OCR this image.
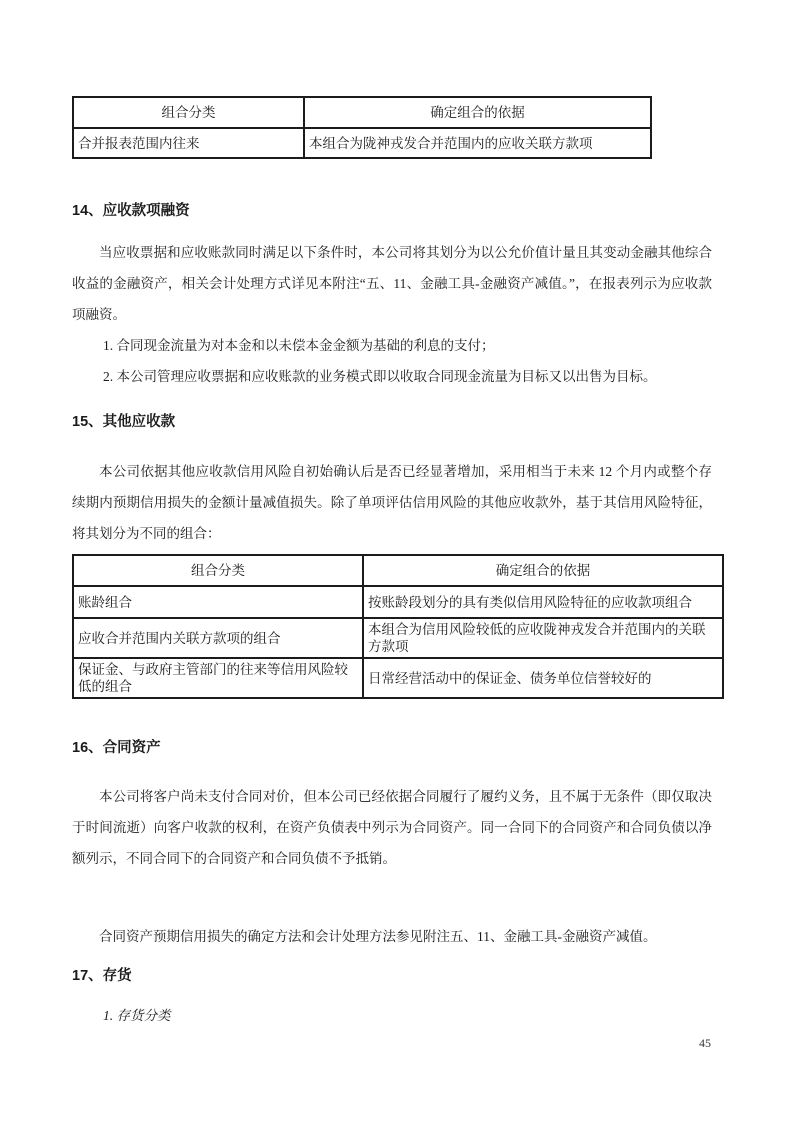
组合分类	确定组合的依据
合并报表范围内往来	本组合为陇神戎发合并范围内的应收关联方款项

14、应收款项融资

当应收票据和应收账款同时满足以下条件时，本公司将其划分为以公允价值计量且其变动金融其他综合收益的金融资产，相关会计处理方式详见本附注“五、11、金融工具-金融资产减值。”，在报表列示为应收款项融资。

1. 合同现金流量为对本金和以未偿本金金额为基础的利息的支付；

2. 本公司管理应收票据和应收账款的业务模式即以收取合同现金流量为目标又以出售为目标。

15、其他应收款

本公司依据其他应收款信用风险自初始确认后是否已经显著增加，采用相当于未来 12 个月内或整个存续期内预期信用损失的金额计量减值损失。除了单项评估信用风险的其他应收款外，基于其信用风险特征，将其划分为不同的组合：

组合分类	确定组合的依据
账龄组合	按账龄段划分的具有类似信用风险特征的应收款项组合
应收合并范围内关联方款项的组合	本组合为信用风险较低的应收陇神戎发合并范围内的关联方款项
保证金、与政府主管部门的往来等信用风险较低的组合	日常经营活动中的保证金、债务单位信誉较好的

16、合同资产

本公司将客户尚未支付合同对价，但本公司已经依据合同履行了履约义务，且不属于无条件（即仅取决于时间流逝）向客户收款的权利，在资产负债表中列示为合同资产。同一合同下的合同资产和合同负债以净额列示，不同合同下的合同资产和合同负债不予抵销。

合同资产预期信用损失的确定方法和会计处理方法参见附注五、11、金融工具-金融资产减值。

17、存货

1. 存货分类

45
